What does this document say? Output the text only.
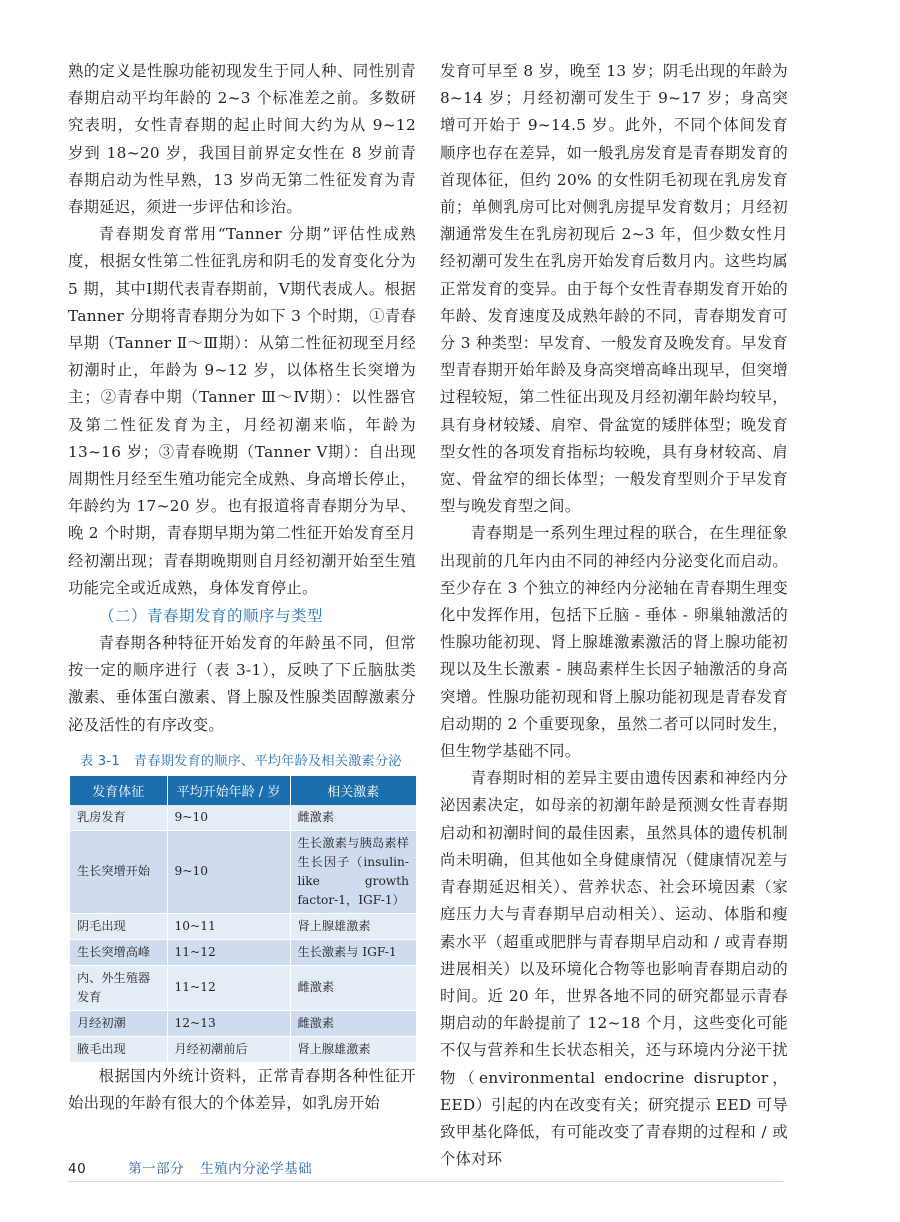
熟的定义是性腺功能初现发生于同人种、同性别青春期启动平均年龄的 2~3 个标准差之前。多数研究表明，女性青春期的起止时间大约为从 9~12 岁到 18~20 岁，我国目前界定女性在 8 岁前青春期启动为性早熟，13 岁尚无第二性征发育为青春期延迟，须进一步评估和诊治。

青春期发育常用“Tanner 分期”评估性成熟度，根据女性第二性征乳房和阴毛的发育变化分为 5 期，其中Ⅰ期代表青春期前，Ⅴ期代表成人。根据 Tanner 分期将青春期分为如下 3 个时期，①青春早期（Tanner Ⅱ～Ⅲ期）：从第二性征初现至月经初潮时止，年龄为 9~12 岁，以体格生长突增为主；②青春中期（Tanner Ⅲ～Ⅳ期）：以性器官及第二性征发育为主，月经初潮来临，年龄为 13~16 岁；③青春晚期（Tanner Ⅴ期）：自出现周期性月经至生殖功能完全成熟、身高增长停止，年龄约为 17~20 岁。也有报道将青春期分为早、晚 2 个时期，青春期早期为第二性征开始发育至月经初潮出现；青春期晚期则自月经初潮开始至生殖功能完全或近成熟，身体发育停止。

（二）青春期发育的顺序与类型

青春期各种特征开始发育的年龄虽不同，但常按一定的顺序进行（表 3-1），反映了下丘脑肽类激素、垂体蛋白激素、肾上腺及性腺类固醇激素分泌及活性的有序改变。

表 3-1 青春期发育的顺序、平均年龄及相关激素分泌
发育体征	平均开始年龄 / 岁	相关激素
乳房发育	9~10	雌激素
生长突增开始	9~10	生长激素与胰岛素样生长因子（insulin-like growth factor-1，IGF-1）
阴毛出现	10~11	肾上腺雄激素
生长突增高峰	11~12	生长激素与 IGF-1
内、外生殖器发育	11~12	雌激素
月经初潮	12~13	雌激素
腋毛出现	月经初潮前后	肾上腺雄激素

根据国内外统计资料，正常青春期各种性征开始出现的年龄有很大的个体差异，如乳房开始

发育可早至 8 岁，晚至 13 岁；阴毛出现的年龄为 8~14 岁；月经初潮可发生于 9~17 岁；身高突增可开始于 9~14.5 岁。此外，不同个体间发育顺序也存在差异，如一般乳房发育是青春期发育的首现体征，但约 20% 的女性阴毛初现在乳房发育前；单侧乳房可比对侧乳房提早发育数月；月经初潮通常发生在乳房初现后 2~3 年，但少数女性月经初潮可发生在乳房开始发育后数月内。这些均属正常发育的变异。由于每个女性青春期发育开始的年龄、发育速度及成熟年龄的不同，青春期发育可分 3 种类型：早发育、一般发育及晚发育。早发育型青春期开始年龄及身高突增高峰出现早，但突增过程较短，第二性征出现及月经初潮年龄均较早，具有身材较矮、肩窄、骨盆宽的矮胖体型；晚发育型女性的各项发育指标均较晚，具有身材较高、肩宽、骨盆窄的细长体型；一般发育型则介于早发育型与晚发育型之间。

青春期是一系列生理过程的联合，在生理征象出现前的几年内由不同的神经内分泌变化而启动。至少存在 3 个独立的神经内分泌轴在青春期生理变化中发挥作用，包括下丘脑 - 垂体 - 卵巢轴激活的性腺功能初现、肾上腺雄激素激活的肾上腺功能初现以及生长激素 - 胰岛素样生长因子轴激活的身高突增。性腺功能初现和肾上腺功能初现是青春发育启动期的 2 个重要现象，虽然二者可以同时发生，但生物学基础不同。

青春期时相的差异主要由遗传因素和神经内分泌因素决定，如母亲的初潮年龄是预测女性青春期启动和初潮时间的最佳因素，虽然具体的遗传机制尚未明确，但其他如全身健康情况（健康情况差与青春期延迟相关）、营养状态、社会环境因素（家庭压力大与青春期早启动相关）、运动、体脂和瘦素水平（超重或肥胖与青春期早启动和 / 或青春期进展相关）以及环境化合物等也影响青春期启动的时间。近 20 年，世界各地不同的研究都显示青春期启动的年龄提前了 12~18 个月，这些变化可能不仅与营养和生长状态相关，还与环境内分泌干扰物（environmental endocrine disruptor，EED）引起的内在改变有关；研究提示 EED 可导致甲基化降低，有可能改变了青春期的过程和 / 或个体对环

40	第一部分 生殖内分泌学基础
